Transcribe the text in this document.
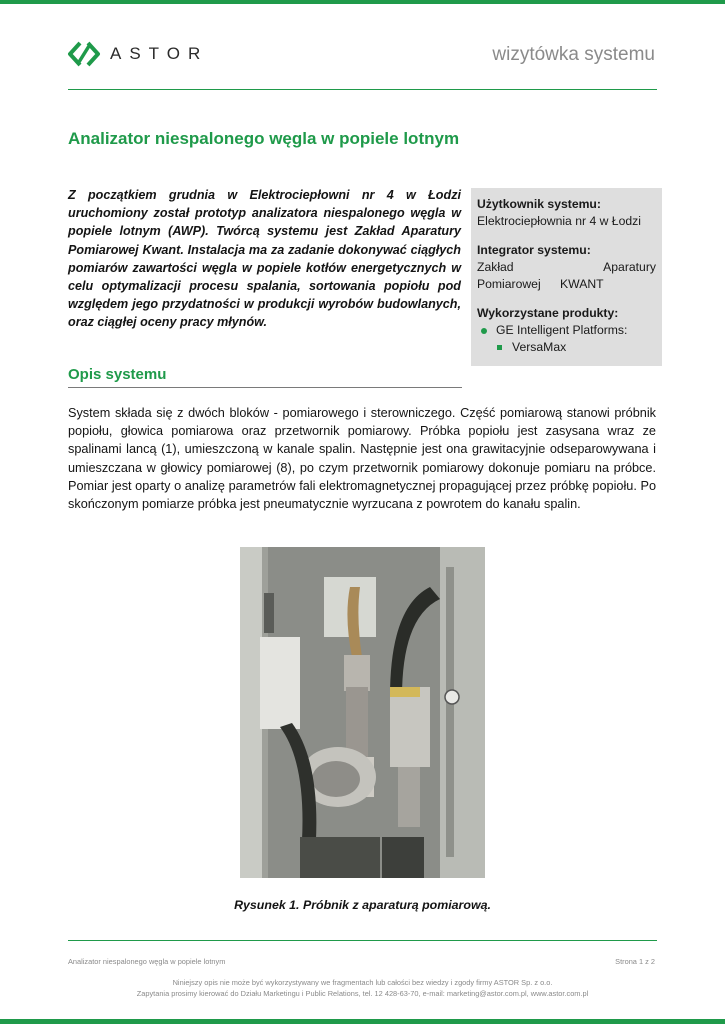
ASTOR	wizytówka systemu
Analizator niespalonego węgla w popiele lotnym
Z początkiem grudnia w Elektrociepłowni nr 4 w Łodzi uruchomiony został prototyp analizatora niespalonego węgla w popiele lotnym (AWP). Twórcą systemu jest Zakład Aparatury Pomiarowej Kwant. Instalacja ma za zadanie dokonywać ciągłych pomiarów zawartości węgla w popiele kotłów energetycznych w celu optymalizacji procesu spalania, sortowania popiołu pod względem jego przydatności w produkcji wyrobów budowlanych, oraz ciągłej oceny pracy młynów.
Użytkownik systemu:
Elektrociepłownia nr 4 w Łodzi
Integrator systemu:
Zakład Aparatury Pomiarowej KWANT
Wykorzystane produkty:
GE Intelligent Platforms:
VersaMax
Opis systemu
System składa się z dwóch bloków - pomiarowego i sterowniczego. Część pomiarową stanowi próbnik popiołu, głowica pomiarowa oraz przetwornik pomiarowy. Próbka popiołu jest zasysana wraz ze spalinami lancą (1), umieszczoną w kanale spalin. Następnie jest ona grawitacyjnie odseparowywana i umieszczana w głowicy pomiarowej (8), po czym przetwornik pomiarowy dokonuje pomiaru na próbce. Pomiar jest oparty o analizę parametrów fali elektromagnetycznej propagującej przez próbkę popiołu. Po skończonym pomiarze próbka jest pneumatycznie wyrzucana z powrotem do kanału spalin.
Rysunek 1. Próbnik z aparaturą pomiarową.
Analizator niespalonego węgla w popiele lotnym	Strona 1 z 2
Niniejszy opis nie może być wykorzystywany we fragmentach lub całości bez wiedzy i zgody firmy ASTOR Sp. z o.o.
Zapytania prosimy kierować do Działu Marketingu i Public Relations, tel. 12 428-63-70, e-mail: marketing@astor.com.pl, www.astor.com.pl
